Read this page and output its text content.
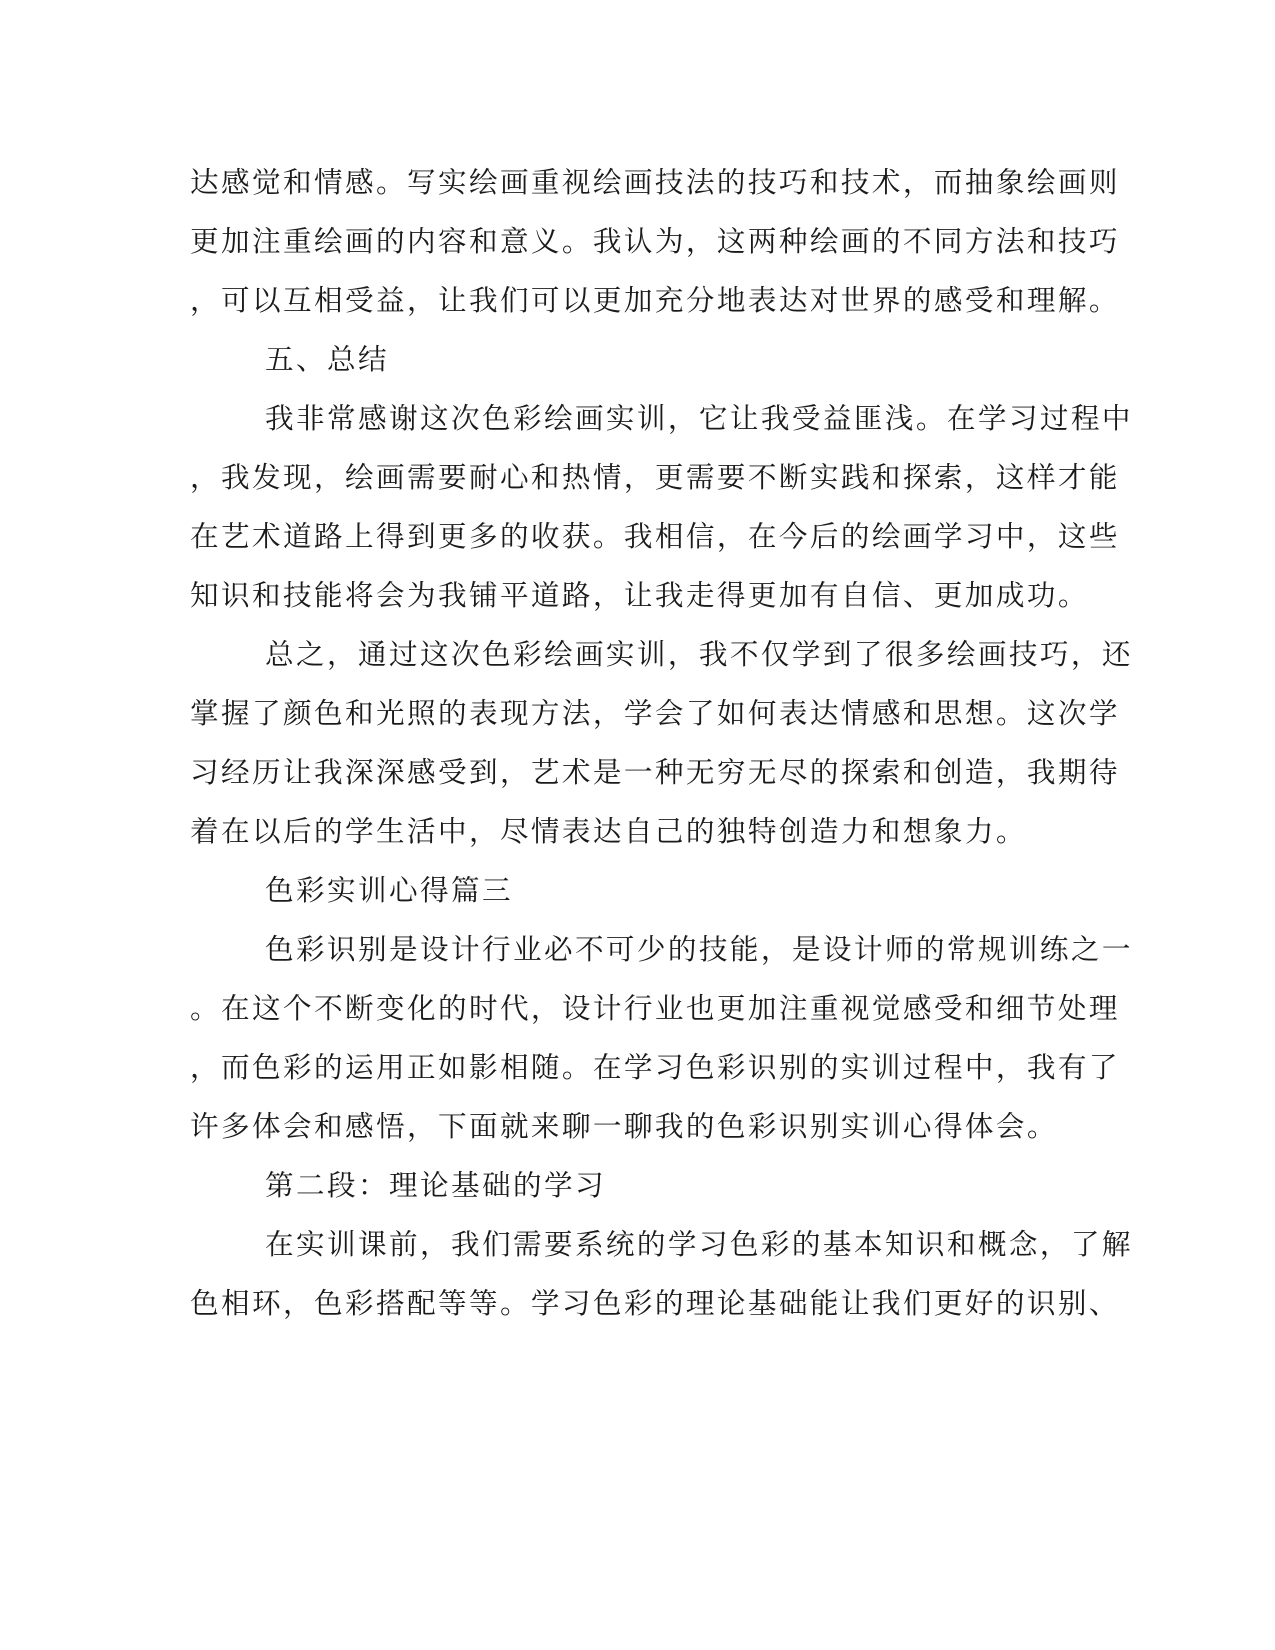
达感觉和情感。写实绘画重视绘画技法的技巧和技术，而抽象绘画则
更加注重绘画的内容和意义。我认为，这两种绘画的不同方法和技巧
，可以互相受益，让我们可以更加充分地表达对世界的感受和理解。
五、总结
我非常感谢这次色彩绘画实训，它让我受益匪浅。在学习过程中
，我发现，绘画需要耐心和热情，更需要不断实践和探索，这样才能
在艺术道路上得到更多的收获。我相信，在今后的绘画学习中，这些
知识和技能将会为我铺平道路，让我走得更加有自信、更加成功。
总之，通过这次色彩绘画实训，我不仅学到了很多绘画技巧，还
掌握了颜色和光照的表现方法，学会了如何表达情感和思想。这次学
习经历让我深深感受到，艺术是一种无穷无尽的探索和创造，我期待
着在以后的学生活中，尽情表达自己的独特创造力和想象力。
色彩实训心得篇三
色彩识别是设计行业必不可少的技能，是设计师的常规训练之一
。在这个不断变化的时代，设计行业也更加注重视觉感受和细节处理
，而色彩的运用正如影相随。在学习色彩识别的实训过程中，我有了
许多体会和感悟，下面就来聊一聊我的色彩识别实训心得体会。
第二段：理论基础的学习
在实训课前，我们需要系统的学习色彩的基本知识和概念，了解
色相环，色彩搭配等等。学习色彩的理论基础能让我们更好的识别、
